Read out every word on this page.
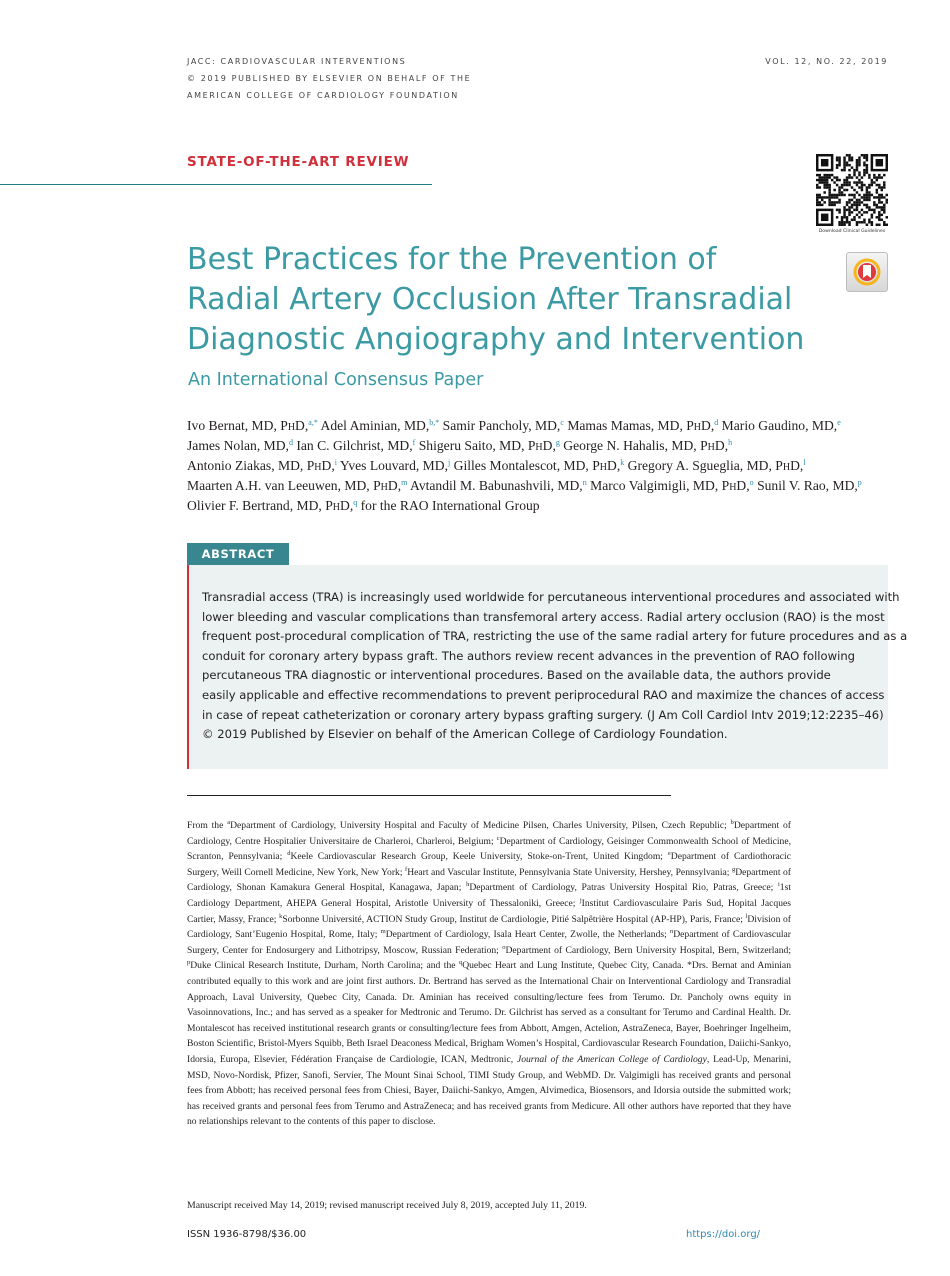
JACC: CARDIOVASCULAR INTERVENTIONS
© 2019 PUBLISHED BY ELSEVIER ON BEHALF OF THE
AMERICAN COLLEGE OF CARDIOLOGY FOUNDATION
VOL. 12, NO. 22, 2019
STATE-OF-THE-ART REVIEW
Download Clinical Guidelines
Best Practices for the Prevention of
Radial Artery Occlusion After Transradial
Diagnostic Angiography and Intervention
An International Consensus Paper
Ivo Bernat, MD, PhD,$^{a,*}$ Adel Aminian, MD,$^{b,*}$ Samir Pancholy, MD,$^c$ Mamas Mamas, MD, PhD,$^d$ Mario Gaudino, MD,$^e$
James Nolan, MD,$^d$ Ian C. Gilchrist, MD,$^f$ Shigeru Saito, MD, PhD,$^g$ George N. Hahalis, MD, PhD,$^h$
Antonio Ziakas, MD, PhD,$^i$ Yves Louvard, MD,$^j$ Gilles Montalescot, MD, PhD,$^k$ Gregory A. Sgueglia, MD, PhD,$^l$
Maarten A.H. van Leeuwen, MD, PhD,$^m$ Avtandil M. Babunashvili, MD,$^n$ Marco Valgimigli, MD, PhD,$^o$ Sunil V. Rao, MD,$^p$
Olivier F. Bertrand, MD, PhD,$^q$ for the RAO International Group
ABSTRACT
Transradial access (TRA) is increasingly used worldwide for percutaneous interventional procedures and associated with
lower bleeding and vascular complications than transfemoral artery access. Radial artery occlusion (RAO) is the most
frequent post-procedural complication of TRA, restricting the use of the same radial artery for future procedures and as a
conduit for coronary artery bypass graft. The authors review recent advances in the prevention of RAO following
percutaneous TRA diagnostic or interventional procedures. Based on the available data, the authors provide
easily applicable and effective recommendations to prevent periprocedural RAO and maximize the chances of access
in case of repeat catheterization or coronary artery bypass grafting surgery. (J Am Coll Cardiol Intv 2019;12:2235–46)
© 2019 Published by Elsevier on behalf of the American College of Cardiology Foundation.
From the $^a$Department of Cardiology, University Hospital and Faculty of Medicine Pilsen, Charles University, Pilsen, Czech Republic; $^b$Department of Cardiology, Centre Hospitalier Universitaire de Charleroi, Charleroi, Belgium; $^c$Department of Cardiology, Geisinger Commonwealth School of Medicine, Scranton, Pennsylvania; $^d$Keele Cardiovascular Research Group, Keele University, Stoke-on-Trent, United Kingdom; $^e$Department of Cardiothoracic Surgery, Weill Cornell Medicine, New York, New York; $^f$Heart and Vascular Institute, Pennsylvania State University, Hershey, Pennsylvania; $^g$Department of Cardiology, Shonan Kamakura General Hospital, Kanagawa, Japan; $^h$Department of Cardiology, Patras University Hospital Rio, Patras, Greece; $^i$1st Cardiology Department, AHEPA General Hospital, Aristotle University of Thessaloniki, Greece; $^j$Institut Cardiovasculaire Paris Sud, Hopital Jacques Cartier, Massy, France; $^k$Sorbonne Université, ACTION Study Group, Institut de Cardiologie, Pitié Salpêtrière Hospital (AP-HP), Paris, France; $^l$Division of Cardiology, Sant’Eugenio Hospital, Rome, Italy; $^m$Department of Cardiology, Isala Heart Center, Zwolle, the Netherlands; $^n$Department of Cardiovascular Surgery, Center for Endosurgery and Lithotripsy, Moscow, Russian Federation; $^o$Department of Cardiology, Bern University Hospital, Bern, Switzerland; $^p$Duke Clinical Research Institute, Durham, North Carolina; and the $^q$Quebec Heart and Lung Institute, Quebec City, Canada. *Drs. Bernat and Aminian contributed equally to this work and are joint first authors. Dr. Bertrand has served as the International Chair on Interventional Cardiology and Transradial Approach, Laval University, Quebec City, Canada. Dr. Aminian has received consulting/lecture fees from Terumo. Dr. Pancholy owns equity in Vasoinnovations, Inc.; and has served as a speaker for Medtronic and Terumo. Dr. Gilchrist has served as a consultant for Terumo and Cardinal Health. Dr. Montalescot has received institutional research grants or consulting/lecture fees from Abbott, Amgen, Actelion, AstraZeneca, Bayer, Boehringer Ingelheim, Boston Scientific, Bristol-Myers Squibb, Beth Israel Deaconess Medical, Brigham Women’s Hospital, Cardiovascular Research Foundation, Daiichi-Sankyo, Idorsia, Europa, Elsevier, Fédération Française de Cardiologie, ICAN, Medtronic, Journal of the American College of Cardiology, Lead-Up, Menarini, MSD, Novo-Nordisk, Pfizer, Sanofi, Servier, The Mount Sinai School, TIMI Study Group, and WebMD. Dr. Valgimigli has received grants and personal fees from Abbott; has received personal fees from Chiesi, Bayer, Daiichi-Sankyo, Amgen, Alvimedica, Biosensors, and Idorsia outside the submitted work; has received grants and personal fees from Terumo and AstraZeneca; and has received grants from Medicure. All other authors have reported that they have no relationships relevant to the contents of this paper to disclose.
Manuscript received May 14, 2019; revised manuscript received July 8, 2019, accepted July 11, 2019.
ISSN 1936-8798/$36.00	https://doi.org/
